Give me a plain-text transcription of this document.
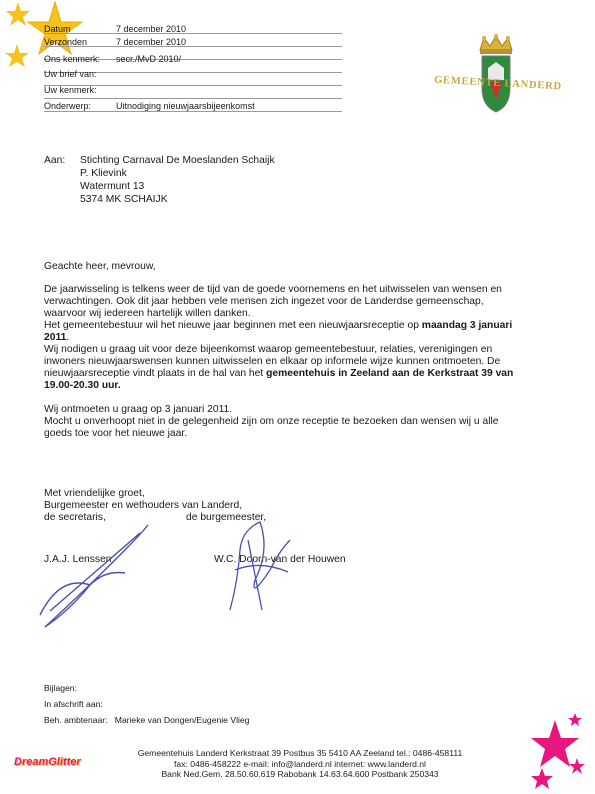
Datum	7 december 2010
Verzonden	7 december 2010
Ons kenmerk:	secr./MvD 2010/
Uw brief van:
Uw kenmerk:
Onderwerp:	Uitnodiging nieuwjaarsbijeenkomst
GEMEENTE LANDERD
Aan: Stichting Carnaval De Moeslanden Schaijk
P. Klievink
Watermunt 13
5374 MK SCHAIJK

Geachte heer, mevrouw,

De jaarwisseling is telkens weer de tijd van de goede voornemens en het uitwisselen van wensen en verwachtingen. Ook dit jaar hebben vele mensen zich ingezet voor de Landerdse gemeenschap, waarvoor wij iedereen hartelijk willen danken.

Het gemeentebestuur wil het nieuwe jaar beginnen met een nieuwjaarsreceptie op maandag 3 januari 2011.

Wij nodigen u graag uit voor deze bijeenkomst waarop gemeentebestuur, relaties, verenigingen en inwoners nieuwjaarswensen kunnen uitwisselen en elkaar op informele wijze kunnen ontmoeten. De nieuwjaarsreceptie vindt plaats in de hal van het gemeentehuis in Zeeland aan de Kerkstraat 39 van 19.00-20.30 uur.

Wij ontmoeten u graag op 3 januari 2011.

Mocht u onverhoopt niet in de gelegenheid zijn om onze receptie te bezoeken dan wensen wij u alle goeds toe voor het nieuwe jaar.

Met vriendelijke groet,
Burgemeester en wethouders van Landerd,
de secretaris,	de burgemeester,
J.A.J. Lenssen	W.C. Doorn-van der Houwen
Bijlagen:
In afschrift aan:
Beh. ambtenaar: Marieke van Dongen/Eugenie Vlieg
Gemeentehuis Landerd Kerkstraat 39 Postbus 35 5410 AA Zeeland tel.: 0486-458111
fax: 0486-458222 e-mail: info@landerd.nl internet: www.landerd.nl
Bank Ned.Gem. 28.50.60.619 Rabobank 14.63.64.600 Postbank 250343
DreamGlitter
